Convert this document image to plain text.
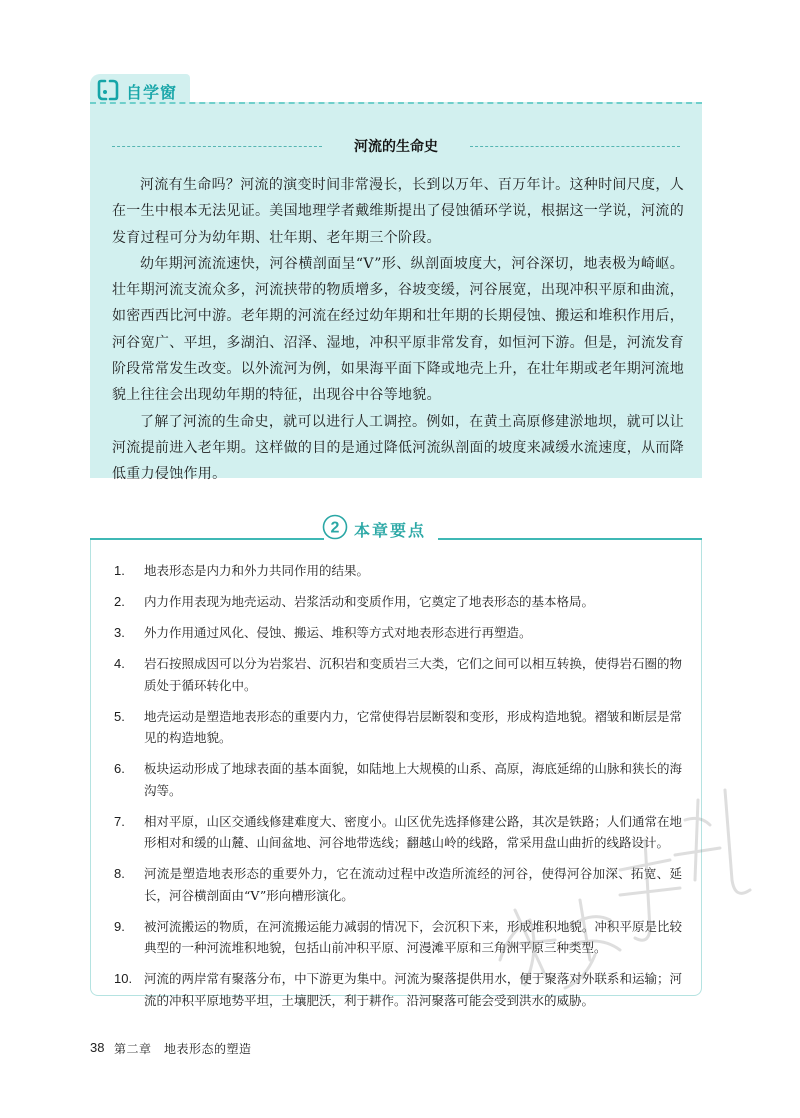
自学窗
河流的生命史

河流有生命吗？河流的演变时间非常漫长，长到以万年、百万年计。这种时间尺度，人在一生中根本无法见证。美国地理学者戴维斯提出了侵蚀循环学说，根据这一学说，河流的发育过程可分为幼年期、壮年期、老年期三个阶段。

幼年期河流流速快，河谷横剖面呈“V”形、纵剖面坡度大，河谷深切，地表极为崎岖。壮年期河流支流众多，河流挟带的物质增多，谷坡变缓，河谷展宽，出现冲积平原和曲流，如密西西比河中游。老年期的河流在经过幼年期和壮年期的长期侵蚀、搬运和堆积作用后，河谷宽广、平坦，多湖泊、沼泽、湿地，冲积平原非常发育，如恒河下游。但是，河流发育阶段常常发生改变。以外流河为例，如果海平面下降或地壳上升，在壮年期或老年期河流地貌上往往会出现幼年期的特征，出现谷中谷等地貌。

了解了河流的生命史，就可以进行人工调控。例如，在黄土高原修建淤地坝，就可以让河流提前进入老年期。这样做的目的是通过降低河流纵剖面的坡度来减缓水流速度，从而降低重力侵蚀作用。

2 本章要点
1.	地表形态是内力和外力共同作用的结果。
2.	内力作用表现为地壳运动、岩浆活动和变质作用，它奠定了地表形态的基本格局。
3.	外力作用通过风化、侵蚀、搬运、堆积等方式对地表形态进行再塑造。
4.	岩石按照成因可以分为岩浆岩、沉积岩和变质岩三大类，它们之间可以相互转换，使得岩石圈的物质处于循环转化中。
5.	地壳运动是塑造地表形态的重要内力，它常使得岩层断裂和变形，形成构造地貌。褶皱和断层是常见的构造地貌。
6.	板块运动形成了地球表面的基本面貌，如陆地上大规模的山系、高原，海底延绵的山脉和狭长的海沟等。
7.	相对平原，山区交通线修建难度大、密度小。山区优先选择修建公路，其次是铁路；人们通常在地形相对和缓的山麓、山间盆地、河谷地带选线；翻越山岭的线路，常采用盘山曲折的线路设计。
8.	河流是塑造地表形态的重要外力，它在流动过程中改造所流经的河谷，使得河谷加深、拓宽、延长，河谷横剖面由“V”形向槽形演化。
9.	被河流搬运的物质，在河流搬运能力减弱的情况下，会沉积下来，形成堆积地貌。冲积平原是比较典型的一种河流堆积地貌，包括山前冲积平原、河漫滩平原和三角洲平原三种类型。
10. 河流的两岸常有聚落分布，中下游更为集中。河流为聚落提供用水，便于聚落对外联系和运输；河流的冲积平原地势平坦，土壤肥沃，利于耕作。沿河聚落可能会受到洪水的威胁。
38 第二章　地表形态的塑造
